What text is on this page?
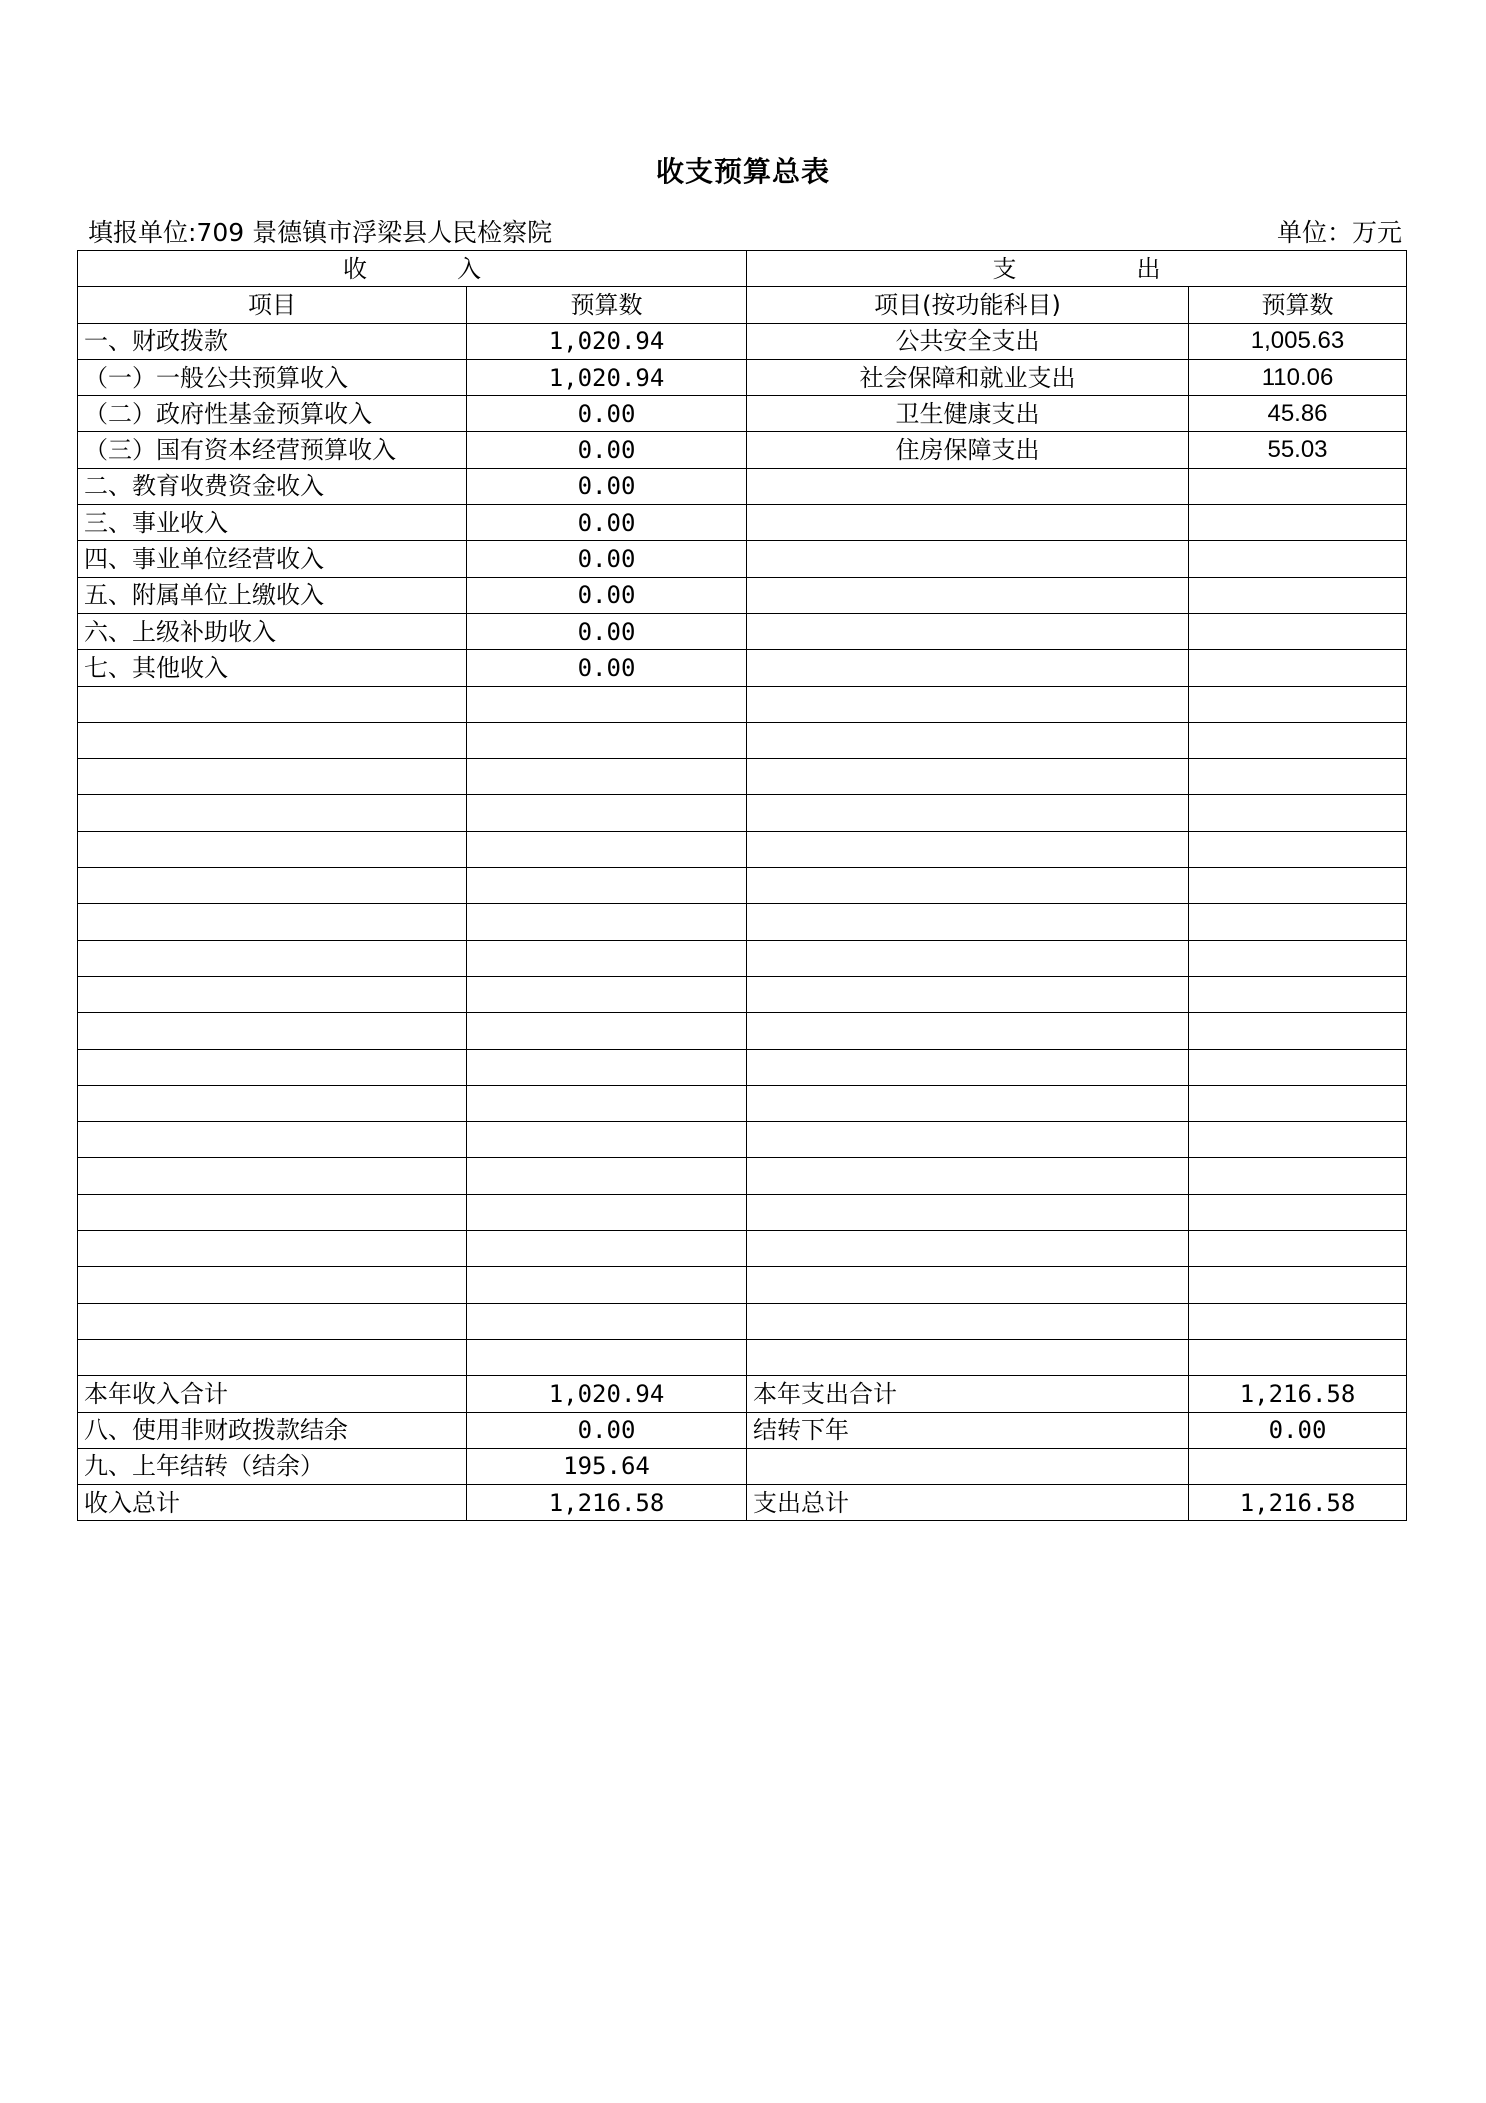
收支预算总表
填报单位:709 景德镇市浮梁县人民检察院	单位：万元
收 入		支 出	
项目	预算数	项目(按功能科目)	预算数
一、财政拨款	1,020.94	公共安全支出	1,005.63
（一）一般公共预算收入	1,020.94	社会保障和就业支出	110.06
（二）政府性基金预算收入	0.00	卫生健康支出	45.86
（三）国有资本经营预算收入	0.00	住房保障支出	55.03
二、教育收费资金收入	0.00		
三、事业收入	0.00		
四、事业单位经营收入	0.00		
五、附属单位上缴收入	0.00		
六、上级补助收入	0.00		
七、其他收入	0.00		

本年收入合计	1,020.94	本年支出合计	1,216.58
八、使用非财政拨款结余	0.00	结转下年	0.00
九、上年结转（结余）	195.64		
收入总计	1,216.58	支出总计	1,216.58
